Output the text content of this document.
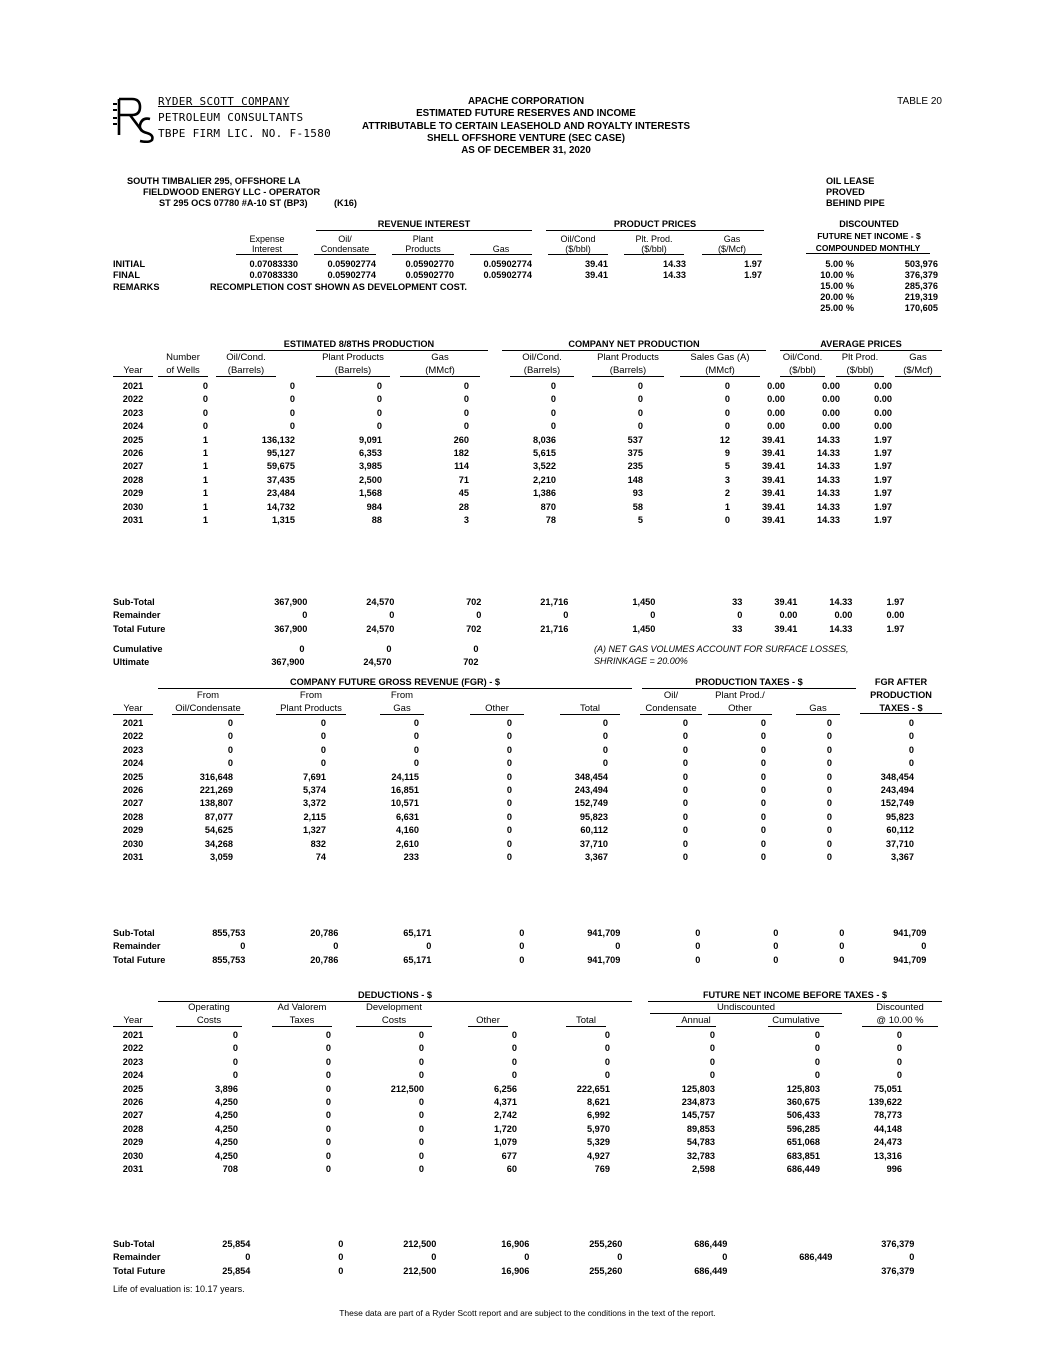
RYDER SCOTT COMPANY
PETROLEUM CONSULTANTS
TBPE FIRM LIC. NO. F-1580
APACHE CORPORATION
ESTIMATED FUTURE RESERVES AND INCOME
ATTRIBUTABLE TO CERTAIN LEASEHOLD AND ROYALTY INTERESTS
SHELL OFFSHORE VENTURE (SEC CASE)
AS OF DECEMBER 31, 2020
TABLE 20
SOUTH TIMBALIER 295, OFFSHORE LA
FIELDWOOD ENERGY LLC - OPERATOR
ST 295 OCS 07780 #A-10 ST (BP3)	(K16)
OIL LEASE
PROVED
BEHIND PIPE
REVENUE INTEREST	PRODUCT PRICES	DISCOUNTED
FUTURE NET INCOME - $
COMPOUNDED MONTHLY
Expense
Interest
Oil/
Condensate
Plant
Products	Gas
Oil/Cond
($/bbl)
Plt. Prod.
($/bbl)
Gas
($/Mcf)
INITIAL	0.07083330	0.05902774	0.05902770	0.05902774	39.41	14.33	1.97
FINAL	0.07083330	0.05902774	0.05902770	0.05902774	39.41	14.33	1.97
REMARKS	RECOMPLETION COST SHOWN AS DEVELOPMENT COST.
5.00 %	503,976
10.00 %	376,379
15.00 %	285,376
20.00 %	219,319
25.00 %	170,605
ESTIMATED 8/8THS PRODUCTION	COMPANY NET PRODUCTION	AVERAGE PRICES
Year
Number
of Wells
Oil/Cond.
(Barrels)
Plant Products
(Barrels)
Gas
(MMcf)
Oil/Cond.
(Barrels)
Plant Products
(Barrels)
Sales Gas (A)
(MMcf)
Oil/Cond.
($/bbl)
Plt Prod.
($/bbl)
Gas
($/Mcf)
2021	0	0	0	0	0	0	0	0.00	0.00	0.00
2022	0	0	0	0	0	0	0	0.00	0.00	0.00
2023	0	0	0	0	0	0	0	0.00	0.00	0.00
2024	0	0	0	0	0	0	0	0.00	0.00	0.00
2025	1	136,132	9,091	260	8,036	537	12	39.41	14.33	1.97
2026	1	95,127	6,353	182	5,615	375	9	39.41	14.33	1.97
2027	1	59,675	3,985	114	3,522	235	5	39.41	14.33	1.97
2028	1	37,435	2,500	71	2,210	148	3	39.41	14.33	1.97
2029	1	23,484	1,568	45	1,386	93	2	39.41	14.33	1.97
2030	1	14,732	984	28	870	58	1	39.41	14.33	1.97
2031	1	1,315	88	3	78	5	0	39.41	14.33	1.97
Sub-Total		367,900	24,570	702	21,716	1,450	33	39.41	14.33	1.97
Remainder		0	0	0	0	0	0	0.00	0.00	0.00
Total Future		367,900	24,570	702	21,716	1,450	33	39.41	14.33	1.97
Cumulative		0	0	0
Ultimate		367,900	24,570	702
(A) NET GAS VOLUMES ACCOUNT FOR SURFACE LOSSES,
SHRINKAGE = 20.00%
COMPANY FUTURE GROSS REVENUE (FGR) - $	PRODUCTION TAXES - $	FGR AFTER
PRODUCTION
Year
From
Oil/Condensate
From
Plant Products
From
Gas	Other	Total
Oil/
Condensate
Plant Prod./
Other	Gas	TAXES - $
2021	0	0	0	0	0	0	0	0	0
2022	0	0	0	0	0	0	0	0	0
2023	0	0	0	0	0	0	0	0	0
2024	0	0	0	0	0	0	0	0	0
2025	316,648	7,691	24,115	0	348,454	0	0	0	348,454
2026	221,269	5,374	16,851	0	243,494	0	0	0	243,494
2027	138,807	3,372	10,571	0	152,749	0	0	0	152,749
2028	87,077	2,115	6,631	0	95,823	0	0	0	95,823
2029	54,625	1,327	4,160	0	60,112	0	0	0	60,112
2030	34,268	832	2,610	0	37,710	0	0	0	37,710
2031	3,059	74	233	0	3,367	0	0	0	3,367
Sub-Total	855,753	20,786	65,171	0	941,709	0	0	0	941,709
Remainder	0	0	0	0	0	0	0	0	0
Total Future	855,753	20,786	65,171	0	941,709	0	0	0	941,709
DEDUCTIONS - $	FUTURE NET INCOME BEFORE TAXES - $
Undiscounted
Year
Operating
Costs
Ad Valorem
Taxes
Development
Costs	Other	Total	Annual	Cumulative
Discounted
@ 10.00 %
2021	0	0	0	0	0	0	0	0
2022	0	0	0	0	0	0	0	0
2023	0	0	0	0	0	0	0	0
2024	0	0	0	0	0	0	0	0
2025	3,896	0	212,500	6,256	222,651	125,803	125,803	75,051
2026	4,250	0	0	4,371	8,621	234,873	360,675	139,622
2027	4,250	0	0	2,742	6,992	145,757	506,433	78,773
2028	4,250	0	0	1,720	5,970	89,853	596,285	44,148
2029	4,250	0	0	1,079	5,329	54,783	651,068	24,473
2030	4,250	0	0	677	4,927	32,783	683,851	13,316
2031	708	0	0	60	769	2,598	686,449	996
Sub-Total	25,854	0	212,500	16,906	255,260	686,449		376,379
Remainder	0	0	0	0	0	0	686,449	0
Total Future	25,854	0	212,500	16,906	255,260	686,449		376,379
Life of evaluation is: 10.17 years.
These data are part of a Ryder Scott report and are subject to the conditions in the text of the report.
